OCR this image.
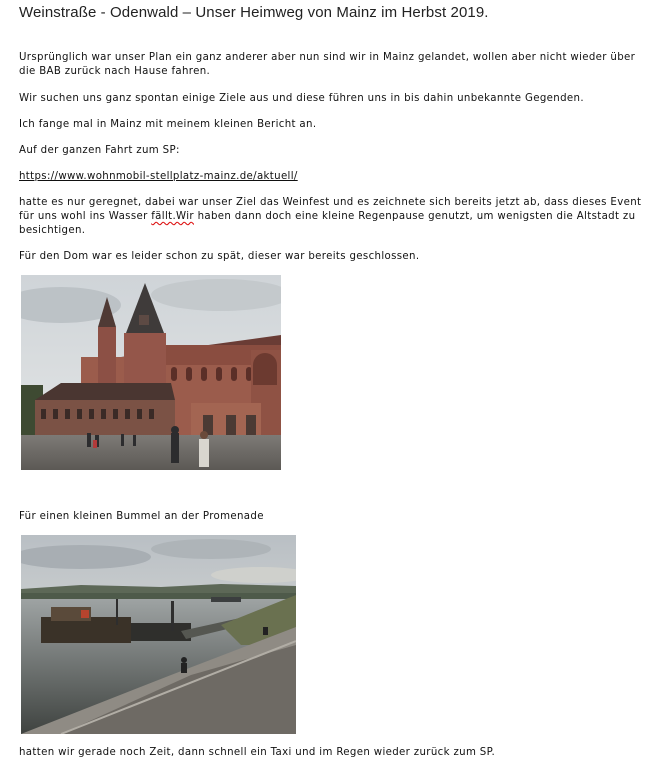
Weinstraße - Odenwald – Unser Heimweg von Mainz im Herbst 2019.

Ursprünglich war unser Plan ein ganz anderer aber nun sind wir in Mainz gelandet, wollen aber nicht wieder über die BAB zurück nach Hause fahren.

Wir suchen uns ganz spontan einige Ziele aus und diese führen uns in bis dahin unbekannte Gegenden.

Ich fange mal in Mainz mit meinem kleinen Bericht an.

Auf der ganzen Fahrt zum SP:

https://www.wohnmobil-stellplatz-mainz.de/aktuell/

hatte es nur geregnet, dabei war unser Ziel das Weinfest und es zeichnete sich bereits jetzt ab, dass dieses Event für uns wohl ins Wasser fällt.Wir haben dann doch eine kleine Regenpause genutzt, um wenigsten die Altstadt zu besichtigen.

Für den Dom war es leider schon zu spät, dieser war bereits geschlossen.

Für einen kleinen Bummel an der Promenade

hatten wir gerade noch Zeit, dann schnell ein Taxi und im Regen wieder zurück zum SP.
